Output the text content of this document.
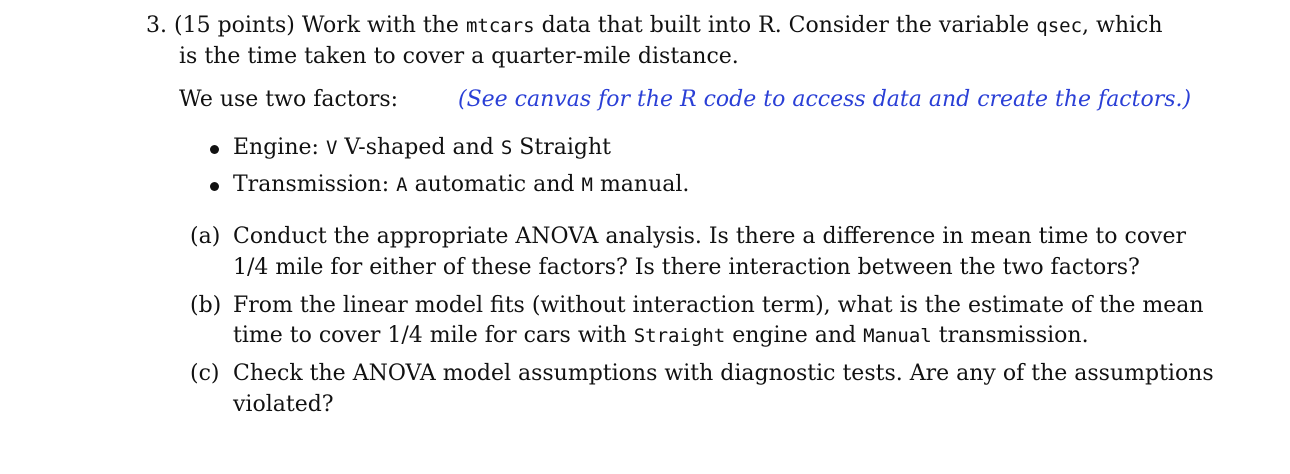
3. (15 points) Work with the mtcars data that built into R. Consider the variable qsec, which
is the time taken to cover a quarter-mile distance.
We use two factors:	(See canvas for the R code to access data and create the factors.)
Engine: V V-shaped and S Straight
Transmission: A automatic and M manual.
(a) Conduct the appropriate ANOVA analysis. Is there a difference in mean time to cover
1/4 mile for either of these factors? Is there interaction between the two factors?
(b) From the linear model fits (without interaction term), what is the estimate of the mean
time to cover 1/4 mile for cars with Straight engine and Manual transmission.
(c) Check the ANOVA model assumptions with diagnostic tests. Are any of the assumptions
violated?
